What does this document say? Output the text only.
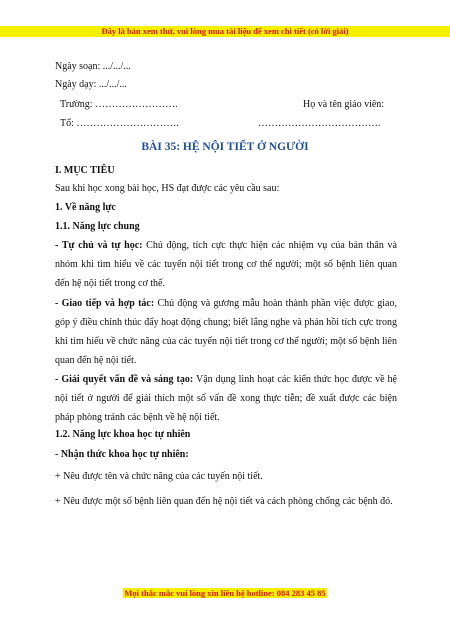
Đây là bản xem thử, vui lòng mua tài liệu để xem chi tiết (có lời giải)
Ngày soạn: .../.../...
Ngày dạy: .../.../...
Trường: …………………….	Họ và tên giáo viên:
Tổ: ………………………….	……………………………….
BÀI 35: HỆ NỘI TIẾT Ở NGƯỜI
I. MỤC TIÊU
Sau khi học xong bài học, HS đạt được các yêu cầu sau:
1. Về năng lực
1.1. Năng lực chung
- Tự chủ và tự học: Chủ động, tích cực thực hiện các nhiệm vụ của bản thân và nhóm khi tìm hiểu về các tuyến nội tiết trong cơ thể người; một số bệnh liên quan đến hệ nội tiết trong cơ thể.
- Giao tiếp và hợp tác: Chủ động và gương mẫu hoàn thành phần việc được giao, góp ý điều chỉnh thúc đẩy hoạt động chung; biết lắng nghe và phản hồi tích cực trong khi tìm hiểu về chức năng của các tuyến nội tiết trong cơ thể người; một số bệnh liên quan đến hệ nội tiết.
- Giải quyết vấn đề và sáng tạo: Vận dụng linh hoạt các kiến thức học được về hệ nội tiết ở người để giải thích một số vấn đề xong thực tiễn; đề xuất được các biện pháp phòng tránh các bệnh về hệ nội tiết.
1.2. Năng lực khoa học tự nhiên
- Nhận thức khoa học tự nhiên:
+ Nêu được tên và chức năng của các tuyến nội tiết.
+ Nêu được một số bệnh liên quan đến hệ nội tiết và cách phòng chống các bệnh đó.
Mọi thắc mắc vui lòng xin liên hệ hotline: 084 283 45 85
